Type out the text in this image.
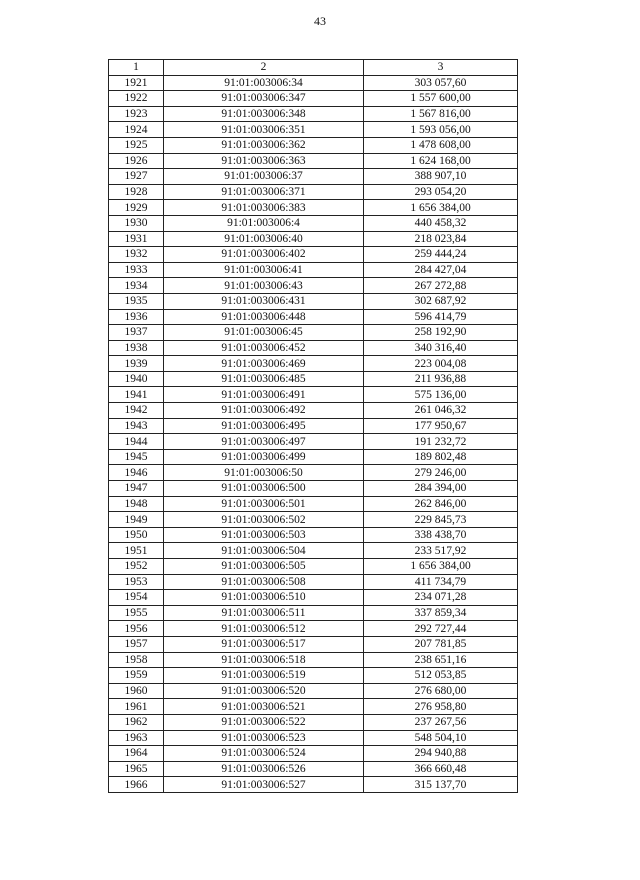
43
1	2	3
1921	91:01:003006:34	303 057,60
1922	91:01:003006:347	1 557 600,00
1923	91:01:003006:348	1 567 816,00
1924	91:01:003006:351	1 593 056,00
1925	91:01:003006:362	1 478 608,00
1926	91:01:003006:363	1 624 168,00
1927	91:01:003006:37	388 907,10
1928	91:01:003006:371	293 054,20
1929	91:01:003006:383	1 656 384,00
1930	91:01:003006:4	440 458,32
1931	91:01:003006:40	218 023,84
1932	91:01:003006:402	259 444,24
1933	91:01:003006:41	284 427,04
1934	91:01:003006:43	267 272,88
1935	91:01:003006:431	302 687,92
1936	91:01:003006:448	596 414,79
1937	91:01:003006:45	258 192,90
1938	91:01:003006:452	340 316,40
1939	91:01:003006:469	223 004,08
1940	91:01:003006:485	211 936,88
1941	91:01:003006:491	575 136,00
1942	91:01:003006:492	261 046,32
1943	91:01:003006:495	177 950,67
1944	91:01:003006:497	191 232,72
1945	91:01:003006:499	189 802,48
1946	91:01:003006:50	279 246,00
1947	91:01:003006:500	284 394,00
1948	91:01:003006:501	262 846,00
1949	91:01:003006:502	229 845,73
1950	91:01:003006:503	338 438,70
1951	91:01:003006:504	233 517,92
1952	91:01:003006:505	1 656 384,00
1953	91:01:003006:508	411 734,79
1954	91:01:003006:510	234 071,28
1955	91:01:003006:511	337 859,34
1956	91:01:003006:512	292 727,44
1957	91:01:003006:517	207 781,85
1958	91:01:003006:518	238 651,16
1959	91:01:003006:519	512 053,85
1960	91:01:003006:520	276 680,00
1961	91:01:003006:521	276 958,80
1962	91:01:003006:522	237 267,56
1963	91:01:003006:523	548 504,10
1964	91:01:003006:524	294 940,88
1965	91:01:003006:526	366 660,48
1966	91:01:003006:527	315 137,70
